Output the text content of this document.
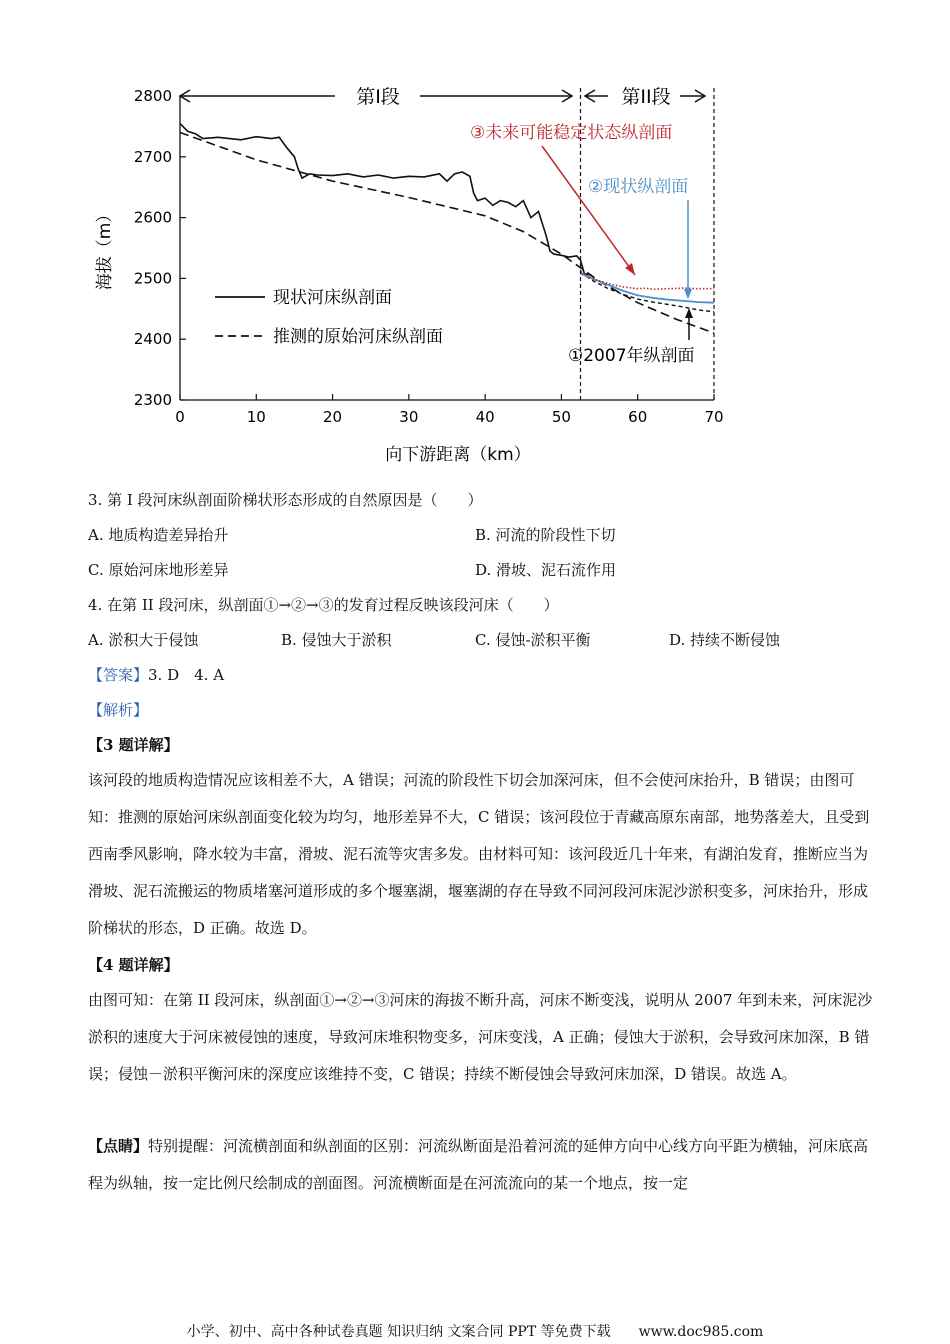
2300
2400
2500
2600
2700
2800
0	10	20	30	40	50	60	70
第I段	第II段
③未来可能稳定状态纵剖面
②现状纵剖面
①2007年纵剖面
现状河床纵剖面
推测的原始河床纵剖面
向下游距离（km）
海拔（m）
3. 第 I 段河床纵剖面阶梯状形态形成的自然原因是（　　）
A. 地质构造差异抬升	B. 河流的阶段性下切
C. 原始河床地形差异	D. 滑坡、泥石流作用
4. 在第 II 段河床，纵剖面①→②→③的发育过程反映该段河床（　　）
A. 淤积大于侵蚀	B. 侵蚀大于淤积	C. 侵蚀-淤积平衡	D. 持续不断侵蚀
【答案】3. D　4. A
【解析】
【3 题详解】
该河段的地质构造情况应该相差不大，A 错误；河流的阶段性下切会加深河床，但不会使河床抬升，B 错误；由图可知：推测的原始河床纵剖面变化较为均匀，地形差异不大，C 错误；该河段位于青藏高原东南部，地势落差大，且受到西南季风影响，降水较为丰富，滑坡、泥石流等灾害多发。由材料可知：该河段近几十年来，有湖泊发育，推断应当为滑坡、泥石流搬运的物质堵塞河道形成的多个堰塞湖，堰塞湖的存在导致不同河段河床泥沙淤积变多，河床抬升，形成阶梯状的形态，D 正确。故选 D。
【4 题详解】
由图可知：在第 II 段河床，纵剖面①→②→③河床的海拔不断升高，河床不断变浅，说明从 2007 年到未来，河床泥沙淤积的速度大于河床被侵蚀的速度，导致河床堆积物变多，河床变浅，A 正确；侵蚀大于淤积，会导致河床加深，B 错误；侵蚀－淤积平衡河床的深度应该维持不变，C 错误；持续不断侵蚀会导致河床加深，D 错误。故选 A。
【点睛】特别提醒：河流横剖面和纵剖面的区别：河流纵断面是沿着河流的延伸方向中心线方向平距为横轴，河床底高程为纵轴，按一定比例尺绘制成的剖面图。河流横断面是在河流流向的某一个地点，按一定
小学、初中、高中各种试卷真题 知识归纳 文案合同 PPT 等免费下载　　www.doc985.com
